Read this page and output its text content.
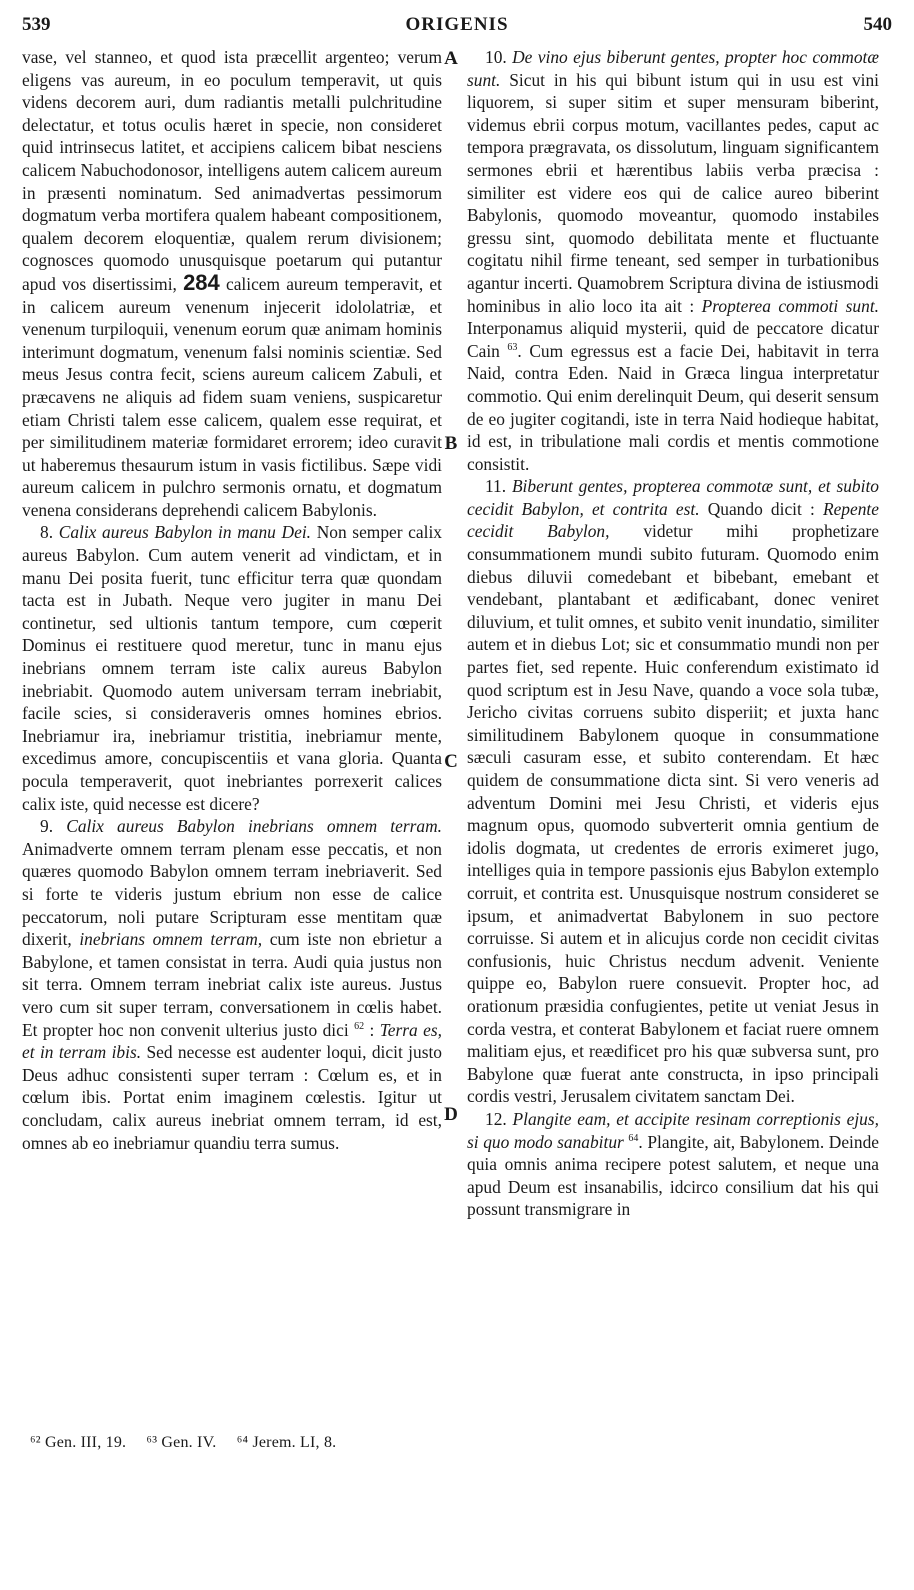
539	ORIGENIS	540

vase, vel stanneo, et quod ista præcellit argenteo; verum eligens vas aureum, in eo poculum temperavit, ut quis videns decorem auri, dum radiantis metalli pulchritudine delectatur, et totus oculis hæret in specie, non consideret quid intrinsecus latitet, et accipiens calicem bibat nesciens calicem Nabuchodonosor, intelligens autem calicem aureum in præsenti nominatum. Sed animadvertas pessimorum dogmatum verba mortifera qualem habeant compositionem, qualem decorem eloquentiæ, qualem rerum divisionem; cognosces quomodo unusquisque poetarum qui putantur apud vos disertissimi, 284 calicem aureum temperavit, et in calicem aureum venenum injecerit idololatriæ, et venenum turpiloquii, venenum eorum quæ animam hominis interimunt dogmatum, venenum falsi nominis scientiæ. Sed meus Jesus contra fecit, sciens aureum calicem Zabuli, et præcavens ne aliquis ad fidem suam veniens, suspicaretur etiam Christi talem esse calicem, qualem esse requirat, et per similitudinem materiæ formidaret errorem; ideo curavit ut haberemus thesaurum istum in vasis fictilibus. Sæpe vidi aureum calicem in pulchro sermonis ornatu, et dogmatum venena considerans deprehendi calicem Babylonis.

8. Calix aureus Babylon in manu Dei. Non semper calix aureus Babylon. Cum autem venerit ad vindictam, et in manu Dei posita fuerit, tunc efficitur terra quæ quondam tacta est in Jubath. Neque vero jugiter in manu Dei continetur, sed ultionis tantum tempore, cum cœperit Dominus ei restituere quod meretur, tunc in manu ejus inebrians omnem terram iste calix aureus Babylon inebriabit. Quomodo autem universam terram inebriabit, facile scies, si consideraveris omnes homines ebrios. Inebriamur ira, inebriamur tristitia, inebriamur mente, excedimus amore, concupiscentiis et vana gloria. Quanta pocula temperaverit, quot inebriantes porrexerit calices calix iste, quid necesse est dicere?

9. Calix aureus Babylon inebrians omnem terram. Animadverte omnem terram plenam esse peccatis, et non quæres quomodo Babylon omnem terram inebriaverit. Sed si forte te videris justum ebrium non esse de calice peccatorum, noli putare Scripturam esse mentitam quæ dixerit, inebrians omnem terram, cum iste non ebrietur a Babylone, et tamen consistat in terra. Audi quia justus non sit terra. Omnem terram inebriat calix iste aureus. Justus vero cum sit super terram, conversationem in cœlis habet. Et propter hoc non convenit ulterius justo dici $^{62}$ : Terra es, et in terram ibis. Sed necesse est audenter loqui, dicit justo Deus adhuc consistenti super terram : Cœlum es, et in cœlum ibis. Portat enim imaginem cœlestis. Igitur ut concludam, calix aureus inebriat omnem terram, id est, omnes ab eo inebriamur quandiu terra sumus.

10. De vino ejus biberunt gentes, propter hoc commotæ sunt. Sicut in his qui bibunt istum qui in usu est vini liquorem, si super sitim et super mensuram biberint, videmus ebrii corpus motum, vacillantes pedes, caput ac tempora prægravata, os dissolutum, linguam significantem sermones ebrii et hærentibus labiis verba præcisa : similiter est videre eos qui de calice aureo biberint Babylonis, quomodo moveantur, quomodo instabiles gressu sint, quomodo debilitata mente et fluctuante cogitatu nihil firme teneant, sed semper in turbationibus agantur incerti. Quamobrem Scriptura divina de istiusmodi hominibus in alio loco ita ait : Propterea commoti sunt. Interponamus aliquid mysterii, quid de peccatore dicatur Cain $^{63}$. Cum egressus est a facie Dei, habitavit in terra Naid, contra Eden. Naid in Græca lingua interpretatur commotio. Qui enim derelinquit Deum, qui deserit sensum de eo jugiter cogitandi, iste in terra Naid hodieque habitat, id est, in tribulatione mali cordis et mentis commotione consistit.

11. Biberunt gentes, propterea commotæ sunt, et subito cecidit Babylon, et contrita est. Quando dicit : Repente cecidit Babylon, videtur mihi prophetizare consummationem mundi subito futuram. Quomodo enim diebus diluvii comedebant et bibebant, emebant et vendebant, plantabant et ædificabant, donec veniret diluvium, et tulit omnes, et subito venit inundatio, similiter autem et in diebus Lot; sic et consummatio mundi non per partes fiet, sed repente. Huic conferendum existimato id quod scriptum est in Jesu Nave, quando a voce sola tubæ, Jericho civitas corruens subito disperiit; et juxta hanc similitudinem Babylonem quoque in consummatione sæculi casuram esse, et subito conterendam. Et hæc quidem de consummatione dicta sint. Si vero veneris ad adventum Domini mei Jesu Christi, et videris ejus magnum opus, quomodo subverterit omnia gentium de idolis dogmata, ut credentes de erroris eximeret jugo, intelliges quia in tempore passionis ejus Babylon extemplo corruit, et contrita est. Unusquisque nostrum consideret se ipsum, et animadvertat Babylonem in suo pectore corruisse. Si autem et in alicujus corde non cecidit civitas confusionis, huic Christus necdum advenit. Veniente quippe eo, Babylon ruere consuevit. Propter hoc, ad orationum præsidia confugientes, petite ut veniat Jesus in corda vestra, et conterat Babylonem et faciat ruere omnem malitiam ejus, et reædificet pro his quæ subversa sunt, pro Babylone quæ fuerat ante constructa, in ipso principali cordis vestri, Jerusalem civitatem sanctam Dei.

12. Plangite eam, et accipite resinam correptionis ejus, si quo modo sanabitur $^{64}$. Plangite, ait, Babylonem. Deinde quia omnis anima recipere potest salutem, et neque una apud Deum est insanabilis, idcirco consilium dat his qui possunt transmigrare in

A
B
C
D
⁶² Gen. III, 19. ⁶³ Gen. IV. ⁶⁴ Jerem. LI, 8.
